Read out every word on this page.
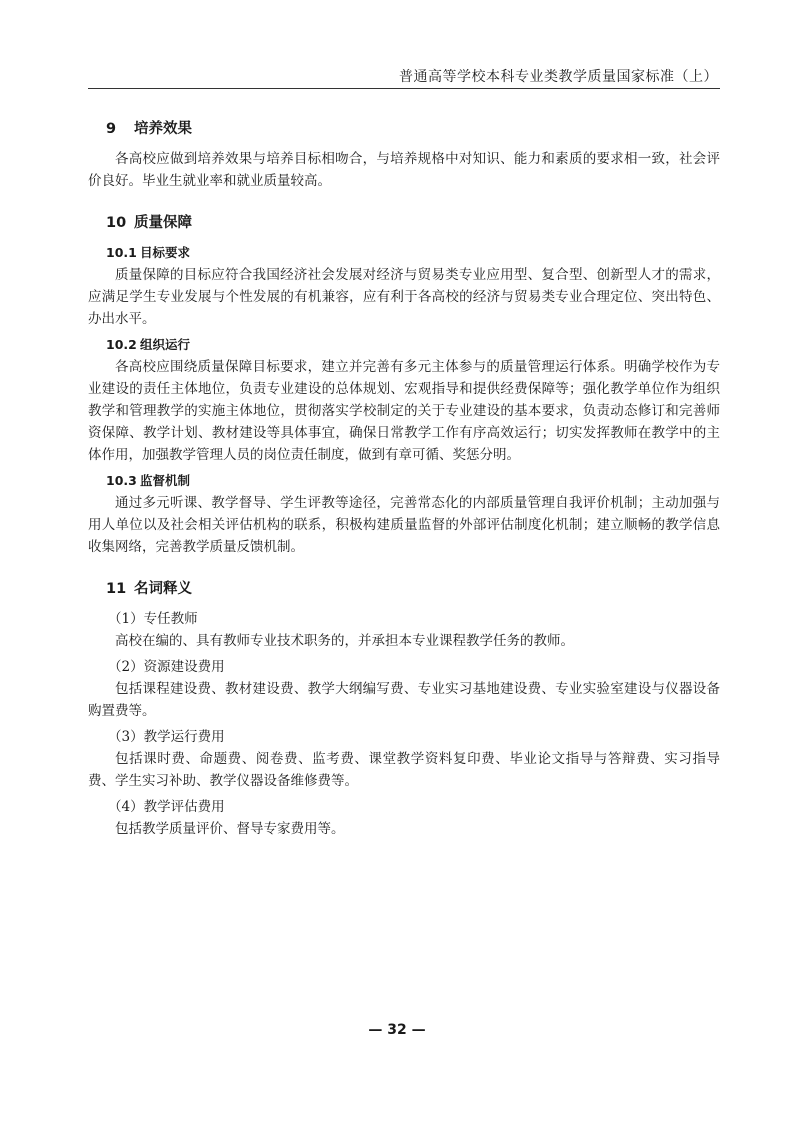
普通高等学校本科专业类教学质量国家标准（上）
9 培养效果

各高校应做到培养效果与培养目标相吻合，与培养规格中对知识、能力和素质的要求相一致，社会评价良好。毕业生就业率和就业质量较高。

10 质量保障
10.1 目标要求

质量保障的目标应符合我国经济社会发展对经济与贸易类专业应用型、复合型、创新型人才的需求，应满足学生专业发展与个性发展的有机兼容，应有利于各高校的经济与贸易类专业合理定位、突出特色、办出水平。

10.2 组织运行

各高校应围绕质量保障目标要求，建立并完善有多元主体参与的质量管理运行体系。明确学校作为专业建设的责任主体地位，负责专业建设的总体规划、宏观指导和提供经费保障等；强化教学单位作为组织教学和管理教学的实施主体地位，贯彻落实学校制定的关于专业建设的基本要求，负责动态修订和完善师资保障、教学计划、教材建设等具体事宜，确保日常教学工作有序高效运行；切实发挥教师在教学中的主体作用，加强教学管理人员的岗位责任制度，做到有章可循、奖惩分明。

10.3 监督机制

通过多元听课、教学督导、学生评教等途径，完善常态化的内部质量管理自我评价机制；主动加强与用人单位以及社会相关评估机构的联系，积极构建质量监督的外部评估制度化机制；建立顺畅的教学信息收集网络，完善教学质量反馈机制。

11 名词释义
（1）专任教师

高校在编的、具有教师专业技术职务的，并承担本专业课程教学任务的教师。

（2）资源建设费用

包括课程建设费、教材建设费、教学大纲编写费、专业实习基地建设费、专业实验室建设与仪器设备购置费等。

（3）教学运行费用

包括课时费、命题费、阅卷费、监考费、课堂教学资料复印费、毕业论文指导与答辩费、实习指导费、学生实习补助、教学仪器设备维修费等。

（4）教学评估费用

包括教学质量评价、督导专家费用等。

— 32 —
